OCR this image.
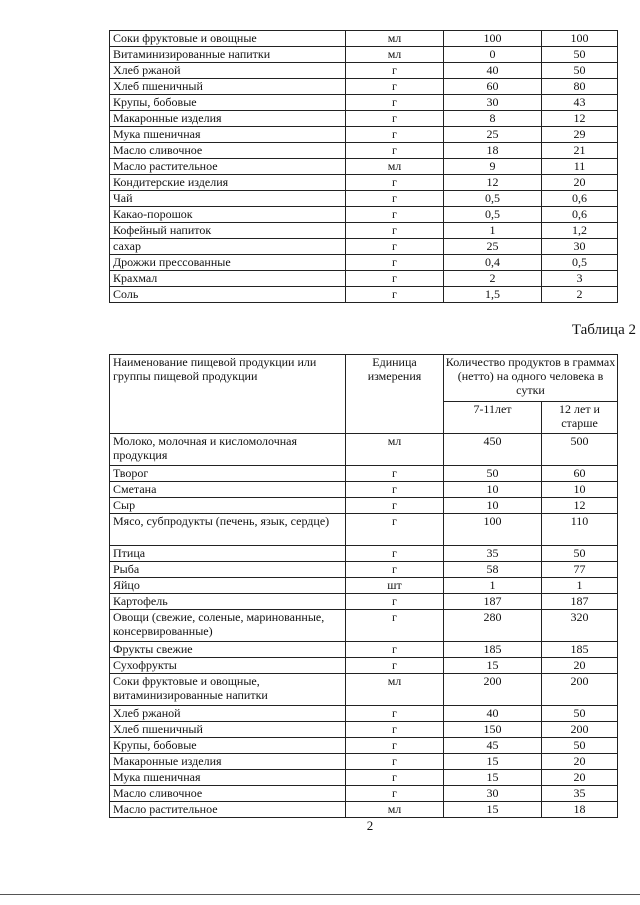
Соки фруктовые и овощные	мл	100	100
Витаминизированные напитки	мл	0	50
Хлеб ржаной	г	40	50
Хлеб пшеничный	г	60	80
Крупы, бобовые	г	30	43
Макаронные изделия	г	8	12
Мука пшеничная	г	25	29
Масло сливочное	г	18	21
Масло растительное	мл	9	11
Кондитерские изделия	г	12	20
Чай	г	0,5	0,6
Какао-порошок	г	0,5	0,6
Кофейный напиток	г	1	1,2
сахар	г	25	30
Дрожжи прессованные	г	0,4	0,5
Крахмал	г	2	3
Соль	г	1,5	2
Таблица 2
Наименование пищевой продукции или группы пищевой продукции	Единица измерения	Количество продуктов в граммах (нетто) на одного человека в сутки	
		7-11лет	12 лет и старше
Молоко, молочная и кисломолочная продукция	мл	450	500
Творог	г	50	60
Сметана	г	10	10
Сыр	г	10	12
Мясо, субпродукты (печень, язык, сердце)	г	100	110
Птица	г	35	50
Рыба	г	58	77
Яйцо	шт	1	1
Картофель	г	187	187
Овощи (свежие, соленые, маринованные, консервированные)	г	280	320
Фрукты свежие	г	185	185
Сухофрукты	г	15	20
Соки фруктовые и овощные, витаминизированные напитки	мл	200	200
Хлеб ржаной	г	40	50
Хлеб пшеничный	г	150	200
Крупы, бобовые	г	45	50
Макаронные изделия	г	15	20
Мука пшеничная	г	15	20
Масло сливочное	г	30	35
Масло растительное	мл	15	18
2
